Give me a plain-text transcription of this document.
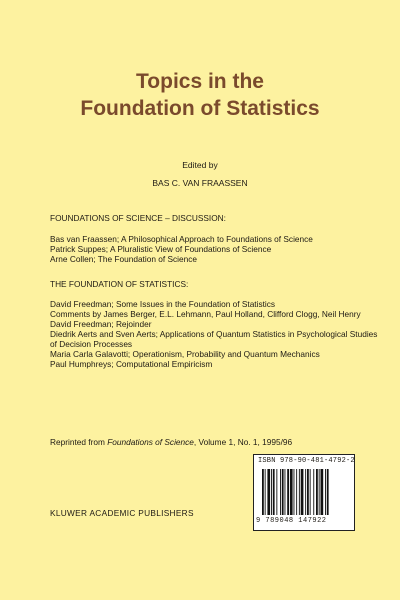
Topics in the
Foundation of Statistics
Edited by
BAS C. VAN FRAASSEN
FOUNDATIONS OF SCIENCE – DISCUSSION:
Bas van Fraassen; A Philosophical Approach to Foundations of Science
Patrick Suppes; A Pluralistic View of Foundations of Science
Arne Collen; The Foundation of Science
THE FOUNDATION OF STATISTICS:
David Freedman; Some Issues in the Foundation of Statistics
Comments by James Berger, E.L. Lehmann, Paul Holland, Clifford Clogg, Neil Henry
David Freedman; Rejoinder
Diedrik Aerts and Sven Aerts; Applications of Quantum Statistics in Psychological Studies of Decision Processes
Maria Carla Galavotti; Operationism, Probability and Quantum Mechanics
Paul Humphreys; Computational Empiricism
Reprinted from Foundations of Science, Volume 1, No. 1, 1995/96
KLUWER ACADEMIC PUBLISHERS
ISBN 978-90-481-4792-2
9 789048 147922
